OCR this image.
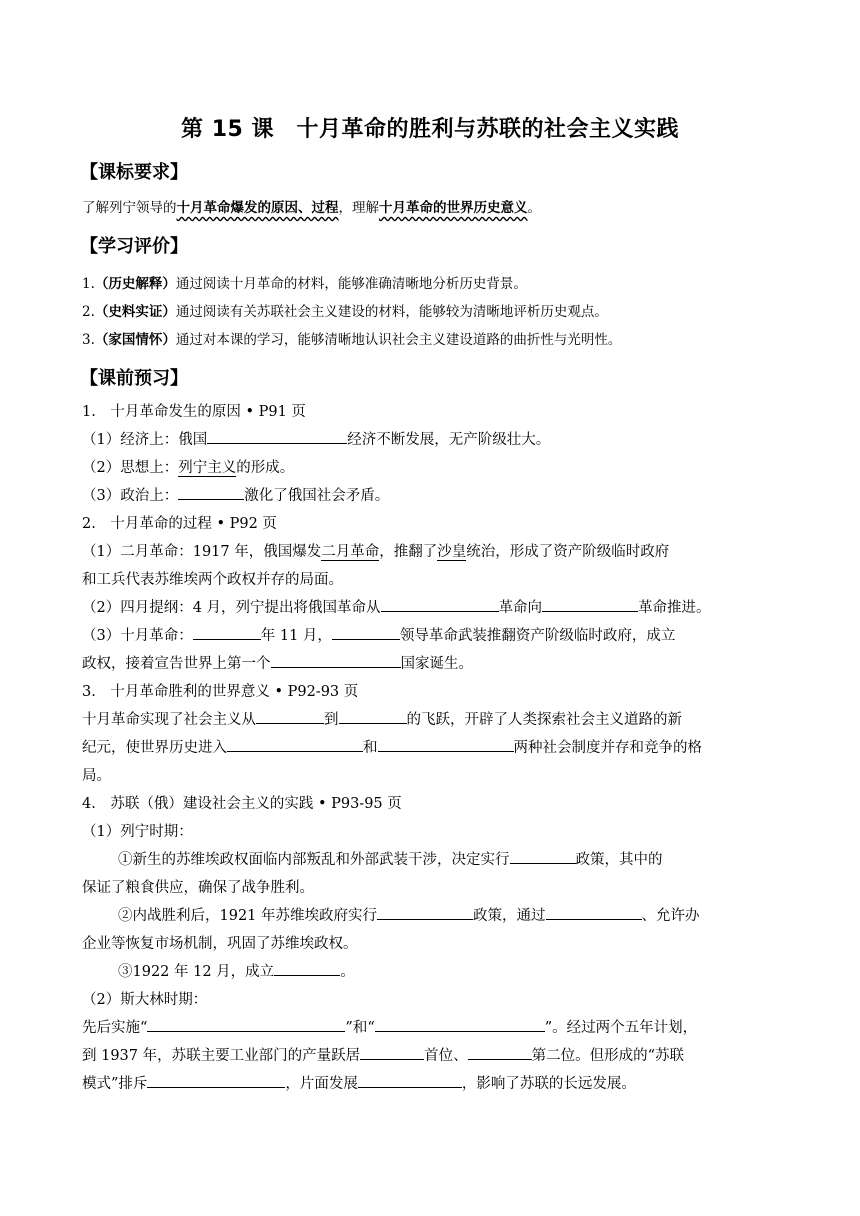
第 15 课　十月革命的胜利与苏联的社会主义实践
【课标要求】
了解列宁领导的十月革命爆发的原因、过程，理解十月革命的世界历史意义。
【学习评价】
1.（历史解释）通过阅读十月革命的材料，能够准确清晰地分析历史背景。
2.（史料实证）通过阅读有关苏联社会主义建设的材料，能够较为清晰地评析历史观点。
3.（家国情怀）通过对本课的学习，能够清晰地认识社会主义建设道路的曲折性与光明性。
【课前预习】
1.　十月革命发生的原因 • P91 页
（1）经济上：俄国	经济不断发展，无产阶级壮大。
（2）思想上：列宁主义的形成。
（3）政治上：	激化了俄国社会矛盾。
2.　十月革命的过程 • P92 页
（1）二月革命：1917 年，俄国爆发二月革命，推翻了沙皇统治，形成了资产阶级临时政府
和工兵代表苏维埃两个政权并存的局面。
（2）四月提纲：4 月，列宁提出将俄国革命从	革命向	革命推进。
（3）十月革命：	年 11 月，	领导革命武装推翻资产阶级临时政府，成立
政权，接着宣告世界上第一个	国家诞生。
3.　十月革命胜利的世界意义 • P92-93 页
十月革命实现了社会主义从	到	的飞跃，开辟了人类探索社会主义道路的新
纪元，使世界历史进入	和	两种社会制度并存和竞争的格
局。
4.　苏联（俄）建设社会主义的实践 • P93-95 页
（1）列宁时期：
①新生的苏维埃政权面临内部叛乱和外部武装干涉，决定实行	政策，其中的
保证了粮食供应，确保了战争胜利。
②内战胜利后，1921 年苏维埃政府实行	政策，通过	、允许办
企业等恢复市场机制，巩固了苏维埃政权。
③1922 年 12 月，成立	。
（2）斯大林时期：
先后实施“	”和“	”。经过两个五年计划，
到 1937 年，苏联主要工业部门的产量跃居	首位、	第二位。但形成的“苏联
模式”排斥	，片面发展	，影响了苏联的长远发展。
